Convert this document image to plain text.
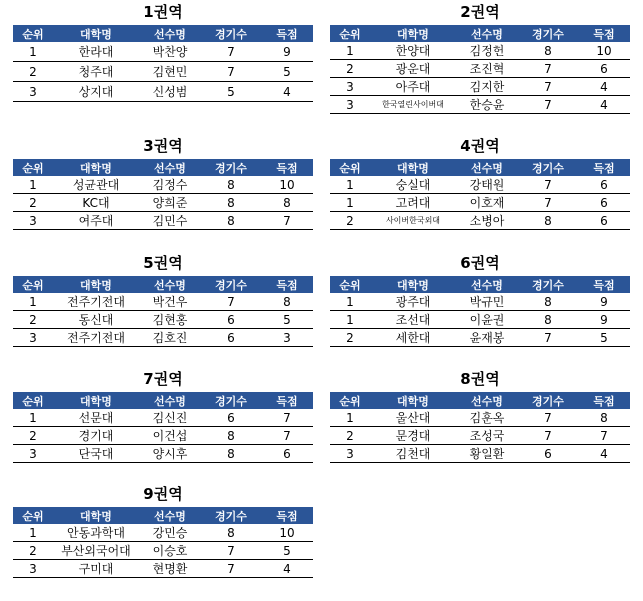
1권역
순위	대학명	선수명	경기수	득점
1	한라대	박찬양	7	9
2	청주대	김현민	7	5
3	상지대	신성범	5	4
2권역
순위	대학명	선수명	경기수	득점
1	한양대	김정헌	8	10
2	광운대	조진혁	7	6
3	아주대	김지한	7	4
3	한국열린사이버대	한승윤	7	4
3권역
순위	대학명	선수명	경기수	득점
1	성균관대	김정수	8	10
2	KC대	양희준	8	8
3	여주대	김민수	8	7
4권역
순위	대학명	선수명	경기수	득점
1	숭실대	강태원	7	6
1	고려대	이호재	7	6
2	사이버한국외대	소병아	8	6
5권역
순위	대학명	선수명	경기수	득점
1	전주기전대	박건우	7	8
2	동신대	김현홍	6	5
3	전주기전대	김호진	6	3
6권역
순위	대학명	선수명	경기수	득점
1	광주대	박규민	8	9
1	조선대	이윤권	8	9
2	세한대	윤재봉	7	5
7권역
순위	대학명	선수명	경기수	득점
1	선문대	김신진	6	7
2	경기대	이건섭	8	7
3	단국대	양시후	8	6
8권역
순위	대학명	선수명	경기수	득점
1	울산대	김훈옥	7	8
2	문경대	조성국	7	7
3	김천대	황일환	6	4
9권역
순위	대학명	선수명	경기수	득점
1	안동과학대	강민승	8	10
2	부산외국어대	이승호	7	5
3	구미대	현명환	7	4
